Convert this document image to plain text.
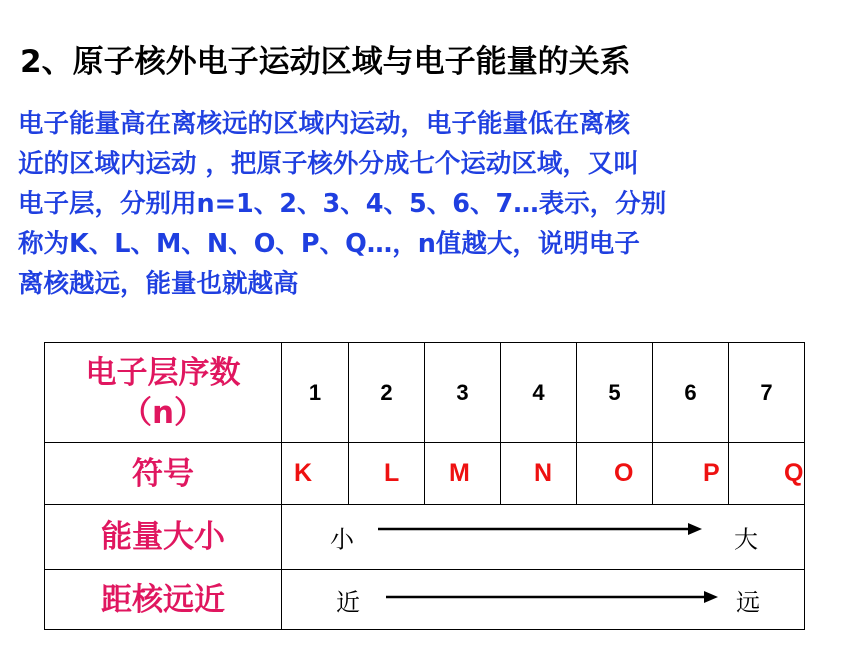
2、原子核外电子运动区域与电子能量的关系
电子能量高在离核远的区域内运动，电子能量低在离核
近的区域内运动 ，把原子核外分成七个运动区域，又叫
电子层，分别用n=1、2、3、4、5、6、7…表示，分别
称为K、L、M、N、O、P、Q…，n值越大，说明电子
离核越远，能量也就越高
电子层序数
（n）	1	2	3	4	5	6	7
符号	K	L	M	N	O	P	Q
能量大小	小 大						

距核远近	近 远						
